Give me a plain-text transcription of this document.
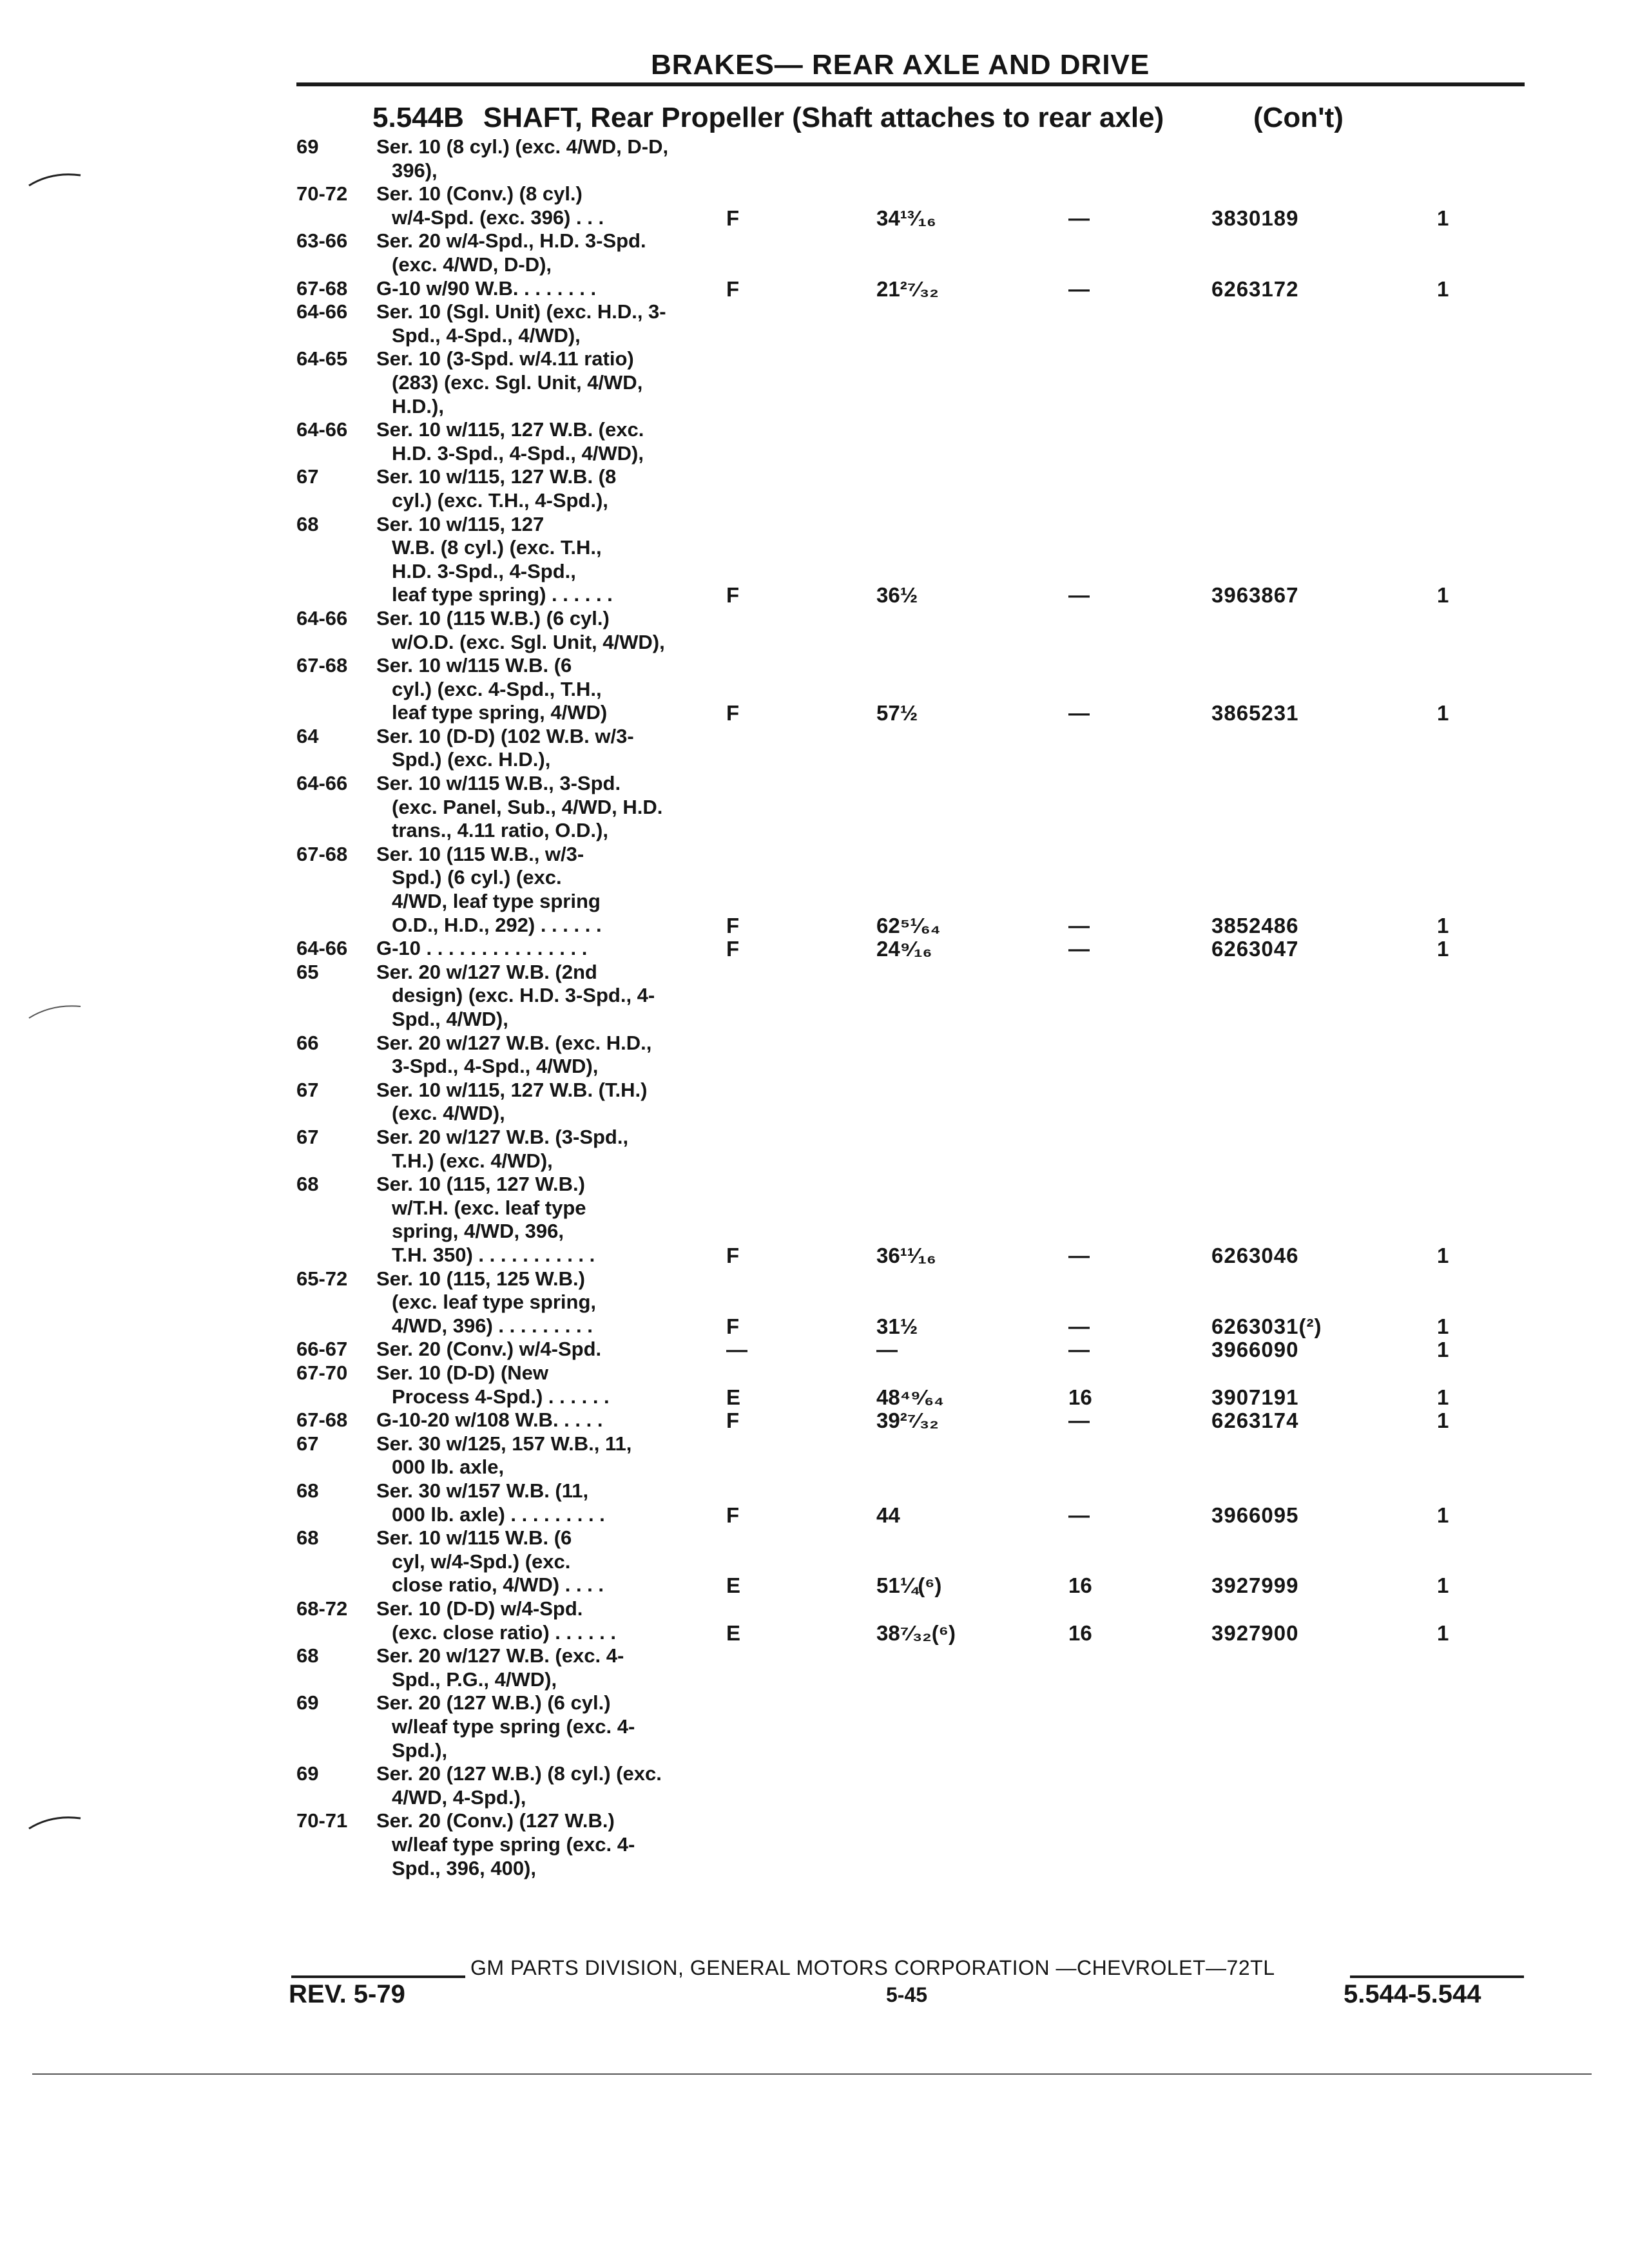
BRAKES— REAR AXLE AND DRIVE
5.544B SHAFT, Rear Propeller (Shaft attaches to rear axle)	(Con't)
69	Ser. 10 (8 cyl.) (exc. 4/WD, D-D,
396),
70-72 Ser. 10 (Conv.) (8 cyl.)
w/4-Spd. (exc. 396) . . .	F	34¹³⁄₁₆	—	3830189	1
63-66 Ser. 20 w/4-Spd., H.D. 3-Spd.
(exc. 4/WD, D-D),
67-68 G-10 w/90 W.B. . . . . . . .	F	21²⁷⁄₃₂	—	6263172	1
64-66 Ser. 10 (Sgl. Unit) (exc. H.D., 3-
Spd., 4-Spd., 4/WD),
64-65 Ser. 10 (3-Spd. w/4.11 ratio)
(283) (exc. Sgl. Unit, 4/WD,
H.D.),
64-66 Ser. 10 w/115, 127 W.B. (exc.
H.D. 3-Spd., 4-Spd., 4/WD),
67	Ser. 10 w/115, 127 W.B. (8
cyl.) (exc. T.H., 4-Spd.),
68	Ser. 10 w/115, 127
W.B. (8 cyl.) (exc. T.H.,
H.D. 3-Spd., 4-Spd.,
leaf type spring) . . . . . .	F	36½	—	3963867	1
64-66 Ser. 10 (115 W.B.) (6 cyl.)
w/O.D. (exc. Sgl. Unit, 4/WD),
67-68 Ser. 10 w/115 W.B. (6
cyl.) (exc. 4-Spd., T.H.,
leaf type spring, 4/WD)	F	57½	—	3865231	1
64	Ser. 10 (D-D) (102 W.B. w/3-
Spd.) (exc. H.D.),
64-66 Ser. 10 w/115 W.B., 3-Spd.
(exc. Panel, Sub., 4/WD, H.D.
trans., 4.11 ratio, O.D.),
67-68 Ser. 10 (115 W.B., w/3-
Spd.) (6 cyl.) (exc.
4/WD, leaf type spring
O.D., H.D., 292) . . . . . .	F	62⁵¹⁄₆₄	—	3852486	1
64-66 G-10 . . . . . . . . . . . . . . .	F	24⁹⁄₁₆	—	6263047	1
65	Ser. 20 w/127 W.B. (2nd
design) (exc. H.D. 3-Spd., 4-
Spd., 4/WD),
66	Ser. 20 w/127 W.B. (exc. H.D.,
3-Spd., 4-Spd., 4/WD),
67	Ser. 10 w/115, 127 W.B. (T.H.)
(exc. 4/WD),
67	Ser. 20 w/127 W.B. (3-Spd.,
T.H.) (exc. 4/WD),
68	Ser. 10 (115, 127 W.B.)
w/T.H. (exc. leaf type
spring, 4/WD, 396,
T.H. 350) . . . . . . . . . . .	F	36¹¹⁄₁₆	—	6263046	1
65-72 Ser. 10 (115, 125 W.B.)
(exc. leaf type spring,
4/WD, 396) . . . . . . . . .	F	31½	—	6263031(²)	1
66-67 Ser. 20 (Conv.) w/4-Spd.	—	—	—	3966090	1
67-70 Ser. 10 (D-D) (New
Process 4-Spd.) . . . . . .	E	48⁴⁹⁄₆₄	16	3907191	1
67-68 G-10-20 w/108 W.B. . . . .	F	39²⁷⁄₃₂	—	6263174	1
67	Ser. 30 w/125, 157 W.B., 11,
000 lb. axle,
68	Ser. 30 w/157 W.B. (11,
000 lb. axle) . . . . . . . . .	F	44	—	3966095	1
68	Ser. 10 w/115 W.B. (6
cyl, w/4-Spd.) (exc.
close ratio, 4/WD) . . . .	E	51¼(⁶)	16	3927999	1
68-72 Ser. 10 (D-D) w/4-Spd.
(exc. close ratio) . . . . . .	E	38⁷⁄₃₂(⁶)	16	3927900	1
68	Ser. 20 w/127 W.B. (exc. 4-
Spd., P.G., 4/WD),
69	Ser. 20 (127 W.B.) (6 cyl.)
w/leaf type spring (exc. 4-
Spd.),
69	Ser. 20 (127 W.B.) (8 cyl.) (exc.
4/WD, 4-Spd.),
70-71 Ser. 20 (Conv.) (127 W.B.)
w/leaf type spring (exc. 4-
Spd., 396, 400),
GM PARTS DIVISION, GENERAL MOTORS CORPORATION —CHEVROLET—72TL
REV. 5-79	5-45	5.544-5.544
